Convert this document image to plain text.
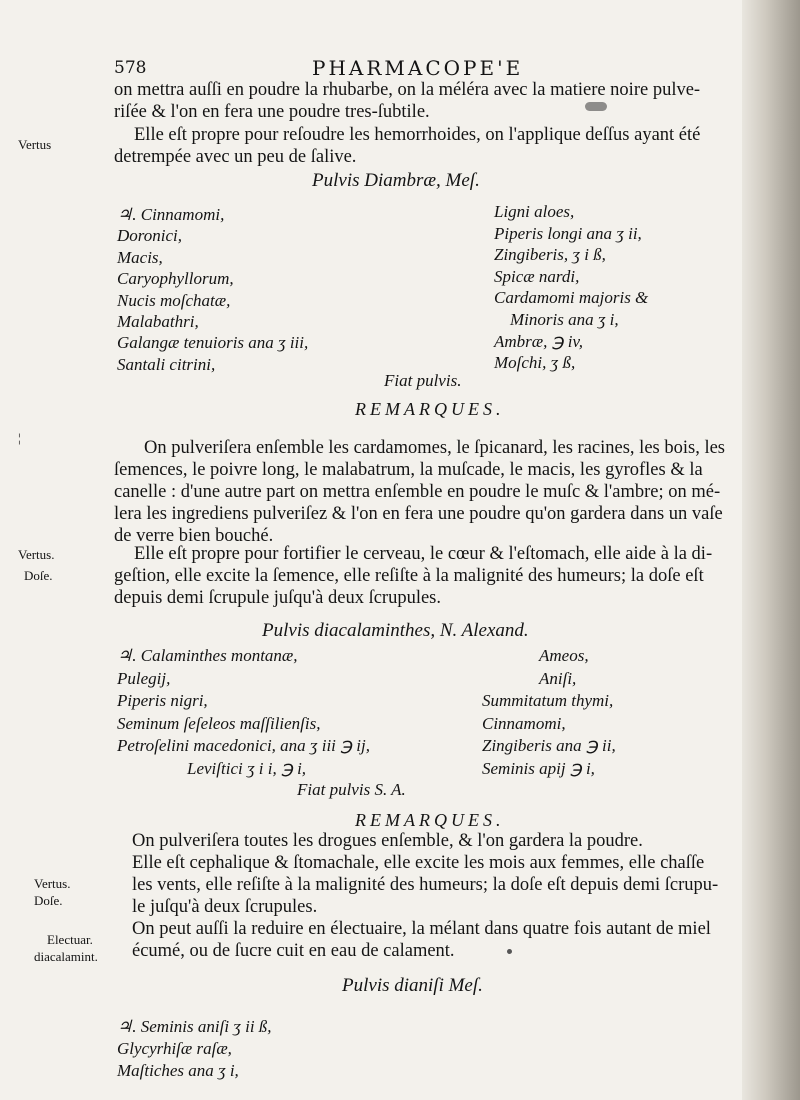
578	PHARMACOPE'E
on mettra auſſi en poudre la rhubarbe, on la méléra avec la matiere noire pulve-
riſée & l'on en fera une poudre tres-ſubtile.
Elle eſt propre pour reſoudre les hemorrhoides, on l'applique deſſus ayant été
detrempée avec un peu de ſalive.
Vertus
Pulvis Diambræ, Meſ.

♃. Cinnamomi,

Doronici,

Macis,

Caryophyllorum,

Nucis moſchatæ,

Malabathri,

Galangæ tenuioris ana ʒ iii,

Santali citrini,

Ligni aloes,

Piperis longi ana ʒ ii,

Zingiberis, ʒ i ß,

Spicæ nardi,

Cardamomi majoris &

Minoris ana ʒ i,

Ambræ, ℈ iv,

Moſchi, ʒ ß,

Fiat pulvis.
REMARQUES.
¦

On pulveriſera enſemble les cardamomes, le ſpicanard, les racines, les bois, les

ſemences, le poivre long, le malabatrum, la muſcade, le macis, les gyrofles & la

canelle : d'une autre part on mettra enſemble en poudre le muſc & l'ambre; on mé-

lera les ingrediens pulveriſez & l'on en fera une poudre qu'on gardera dans un vaſe

de verre bien bouché.

Vertus.
Doſe.

Elle eſt propre pour fortifier le cerveau, le cœur & l'eſtomach, elle aide à la di-

geſtion, elle excite la ſemence, elle reſiſte à la malignité des humeurs; la doſe eſt

depuis demi ſcrupule juſqu'à deux ſcrupules.

Pulvis diacalaminthes, N. Alexand.

♃. Calaminthes montanæ,

Pulegij,

Piperis nigri,

Seminum ſeſeleos maſſilienſis,

Petroſelini macedonici, ana ʒ iii ℈ ij,

Leviſtici ʒ i i, ℈ i,

Ameos,

Aniſi,

Summitatum thymi,

Cinnamomi,

Zingiberis ana ℈ ii,

Seminis apij ℈ i,

Fiat pulvis S. A.
REMARQUES.

On pulveriſera toutes les drogues enſemble, & l'on gardera la poudre.

Elle eſt cephalique & ſtomachale, elle excite les mois aux femmes, elle chaſſe

les vents, elle reſiſte à la malignité des humeurs; la doſe eſt depuis demi ſcrupu-

le juſqu'à deux ſcrupules.

On peut auſſi la reduire en électuaire, la mélant dans quatre fois autant de miel

écumé, ou de ſucre cuit en eau de calament.

Vertus.
Doſe.
Electuar.
diacalamint.
Pulvis dianiſi Meſ.

♃. Seminis aniſi ʒ ii ß,

Glycyrhiſæ raſæ,

Maſtiches ana ʒ i,
